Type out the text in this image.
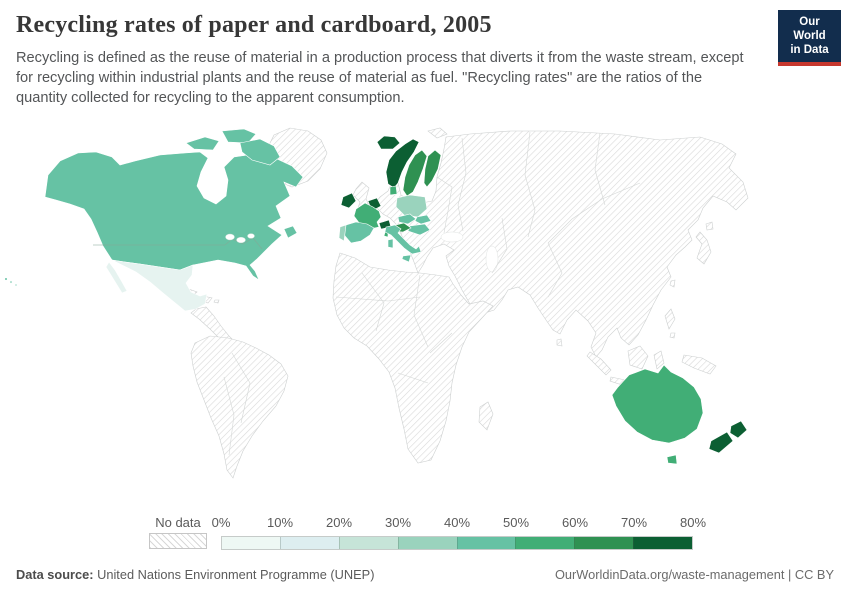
Recycling rates of paper and cardboard, 2005

Recycling is defined as the reuse of material in a production process that diverts it from the waste stream, except for recycling within industrial plants and the reuse of material as fuel. "Recycling rates" are the ratios of the quantity collected for recycling to the apparent consumption.

Our World
in Data
No data 0%	10%	20%	30%	40%	50%	60%	70%	80%
Data source: United Nations Environment Programme (UNEP)	OurWorldinData.org/waste-management | CC BY
